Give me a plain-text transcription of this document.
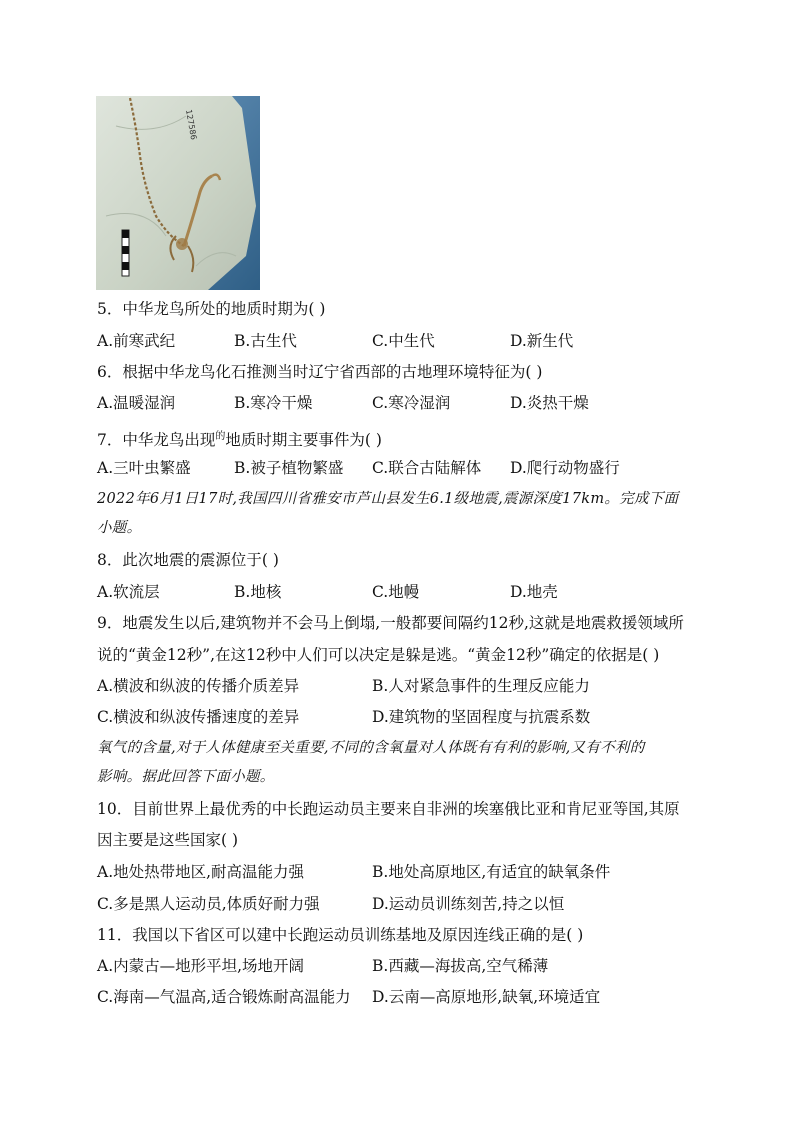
127586
5．中华龙鸟所处的地质时期为( )
A.前寒武纪	B.古生代	C.中生代	D.新生代
6．根据中华龙鸟化石推测当时辽宁省西部的古地理环境特征为( )
A.温暖湿润	B.寒冷干燥	C.寒冷湿润	D.炎热干燥
7．中华龙鸟出现$^的$地质时期主要事件为( )
A.三叶虫繁盛	B.被子植物繁盛 C.联合古陆解体 D.爬行动物盛行
2022年6月1日17时,我国四川省雅安市芦山县发生6.1级地震,震源深度17km。完成下面
小题。
8．此次地震的震源位于( )
A.软流层	B.地核	C.地幔	D.地壳
9．地震发生以后,建筑物并不会马上倒塌,一般都要间隔约12秒,这就是地震救援领域所
说的“黄金12秒”,在这12秒中人们可以决定是躲是逃。“黄金12秒”确定的依据是( )
A.横波和纵波的传播介质差异	B.人对紧急事件的生理反应能力
C.横波和纵波传播速度的差异	D.建筑物的坚固程度与抗震系数
氧气的含量,对于人体健康至关重要,不同的含氧量对人体既有有利的影响,又有不利的
影响。据此回答下面小题。
10．目前世界上最优秀的中长跑运动员主要来自非洲的埃塞俄比亚和肯尼亚等国,其原
因主要是这些国家( )
A.地处热带地区,耐高温能力强	B.地处高原地区,有适宜的缺氧条件
C.多是黑人运动员,体质好耐力强	D.运动员训练刻苦,持之以恒
11．我国以下省区可以建中长跑运动员训练基地及原因连线正确的是( )
A.内蒙古—地形平坦,场地开阔	B.西藏—海拔高,空气稀薄
C.海南—气温高,适合锻炼耐高温能力 D.云南—高原地形,缺氧,环境适宜
